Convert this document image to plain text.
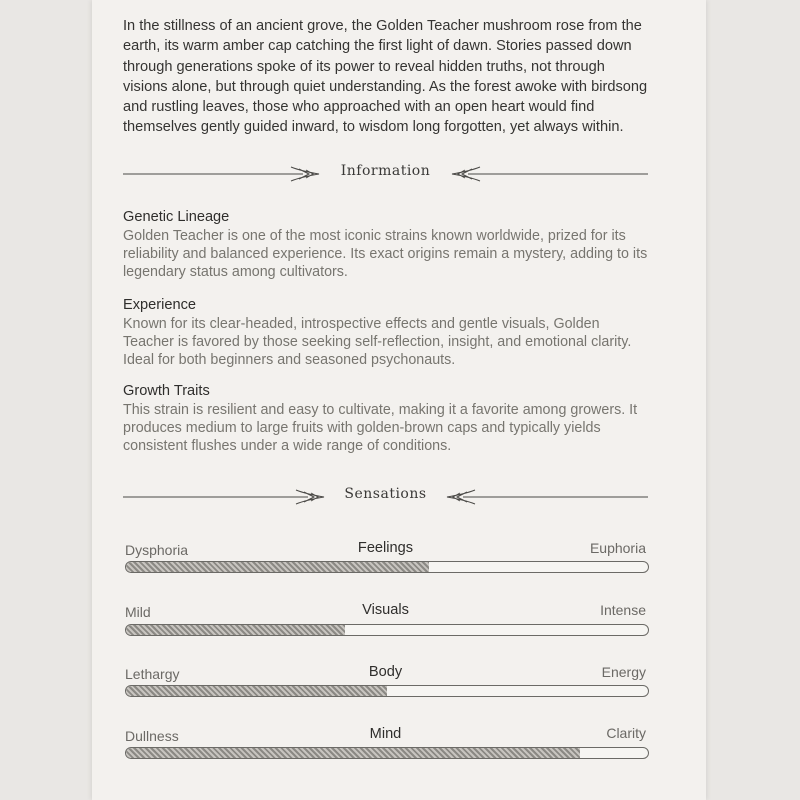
In the stillness of an ancient grove, the Golden Teacher mushroom rose from the earth, its warm amber cap catching the first light of dawn. Stories passed down through generations spoke of its power to reveal hidden truths, not through visions alone, but through quiet understanding. As the forest awoke with birdsong and rustling leaves, those who approached with an open heart would find themselves gently guided inward, to wisdom long forgotten, yet always within.

Information
Genetic Lineage

Golden Teacher is one of the most iconic strains known worldwide, prized for its reliability and balanced experience. Its exact origins remain a mystery, adding to its legendary status among cultivators.

Experience

Known for its clear-headed, introspective effects and gentle visuals, Golden Teacher is favored by those seeking self-reflection, insight, and emotional clarity. Ideal for both beginners and seasoned psychonauts.

Growth Traits

This strain is resilient and easy to cultivate, making it a favorite among growers. It produces medium to large fruits with golden-brown caps and typically yields consistent flushes under a wide range of conditions.

Sensations
Dysphoria	Feelings	Euphoria
Mild	Visuals	Intense
Lethargy	Body	Energy
Dullness	Mind	Clarity
